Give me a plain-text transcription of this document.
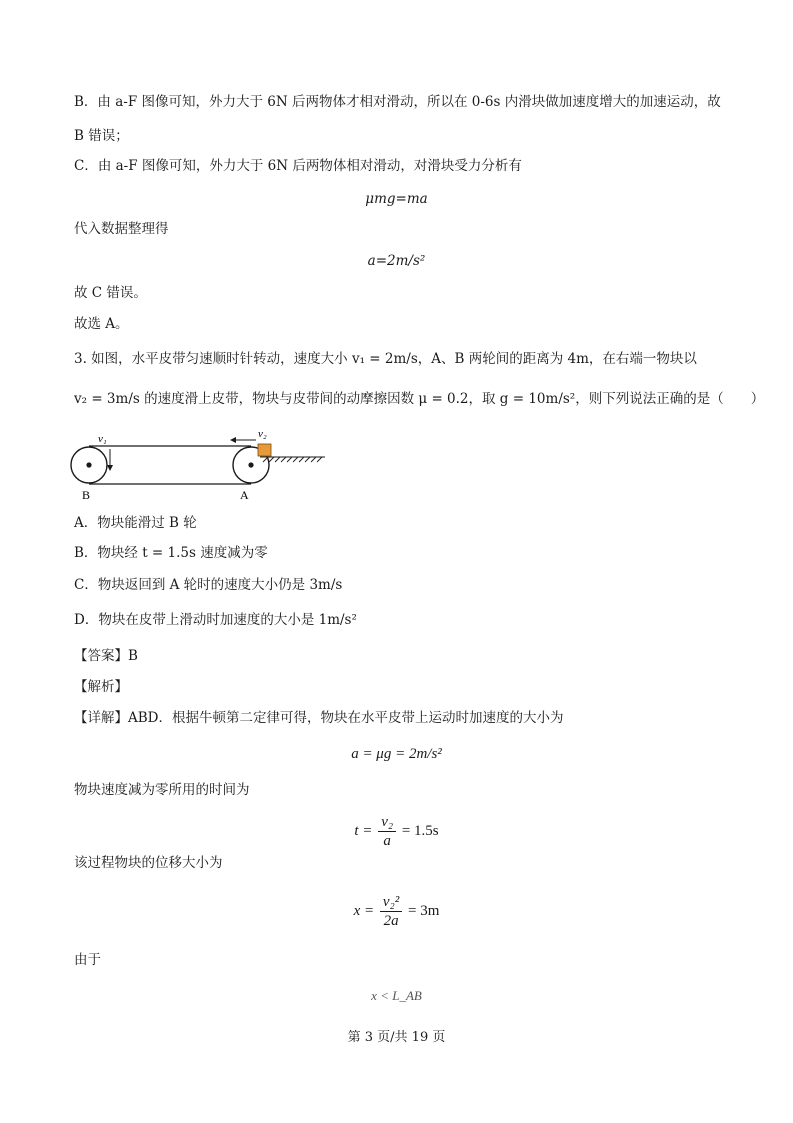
B．由 a-F 图像可知，外力大于 6N 后两物体才相对滑动，所以在 0-6s 内滑块做加速度增大的加速运动，故
B 错误；
C．由 a-F 图像可知，外力大于 6N 后两物体相对滑动，对滑块受力分析有
μmg=ma
代入数据整理得
a=2m/s²
故 C 错误。
故选 A。
3. 如图，水平皮带匀速顺时针转动，速度大小 v₁ = 2m/s，A、B 两轮间的距离为 4m，在右端一物块以
v₂ = 3m/s 的速度滑上皮带，物块与皮带间的动摩擦因数 μ = 0.2，取 g = 10m/s²，则下列说法正确的是（　　）
v₁	v₂
B	A
A．物块能滑过 B 轮
B．物块经 t = 1.5s 速度减为零
C．物块返回到 A 轮时的速度大小仍是 3m/s
D．物块在皮带上滑动时加速度的大小是 1m/s²
【答案】B
【解析】
【详解】ABD．根据牛顿第二定律可得，物块在水平皮带上运动时加速度的大小为
a = μg = 2m/s²
物块速度减为零所用的时间为
$t = \frac{\text{v₂}}{a} = 1.5s$
该过程物块的位移大小为
$x = \frac{\text{v₂²}}{2a} = 3m$
由于
x < L_AB
第 3 页/共 19 页
